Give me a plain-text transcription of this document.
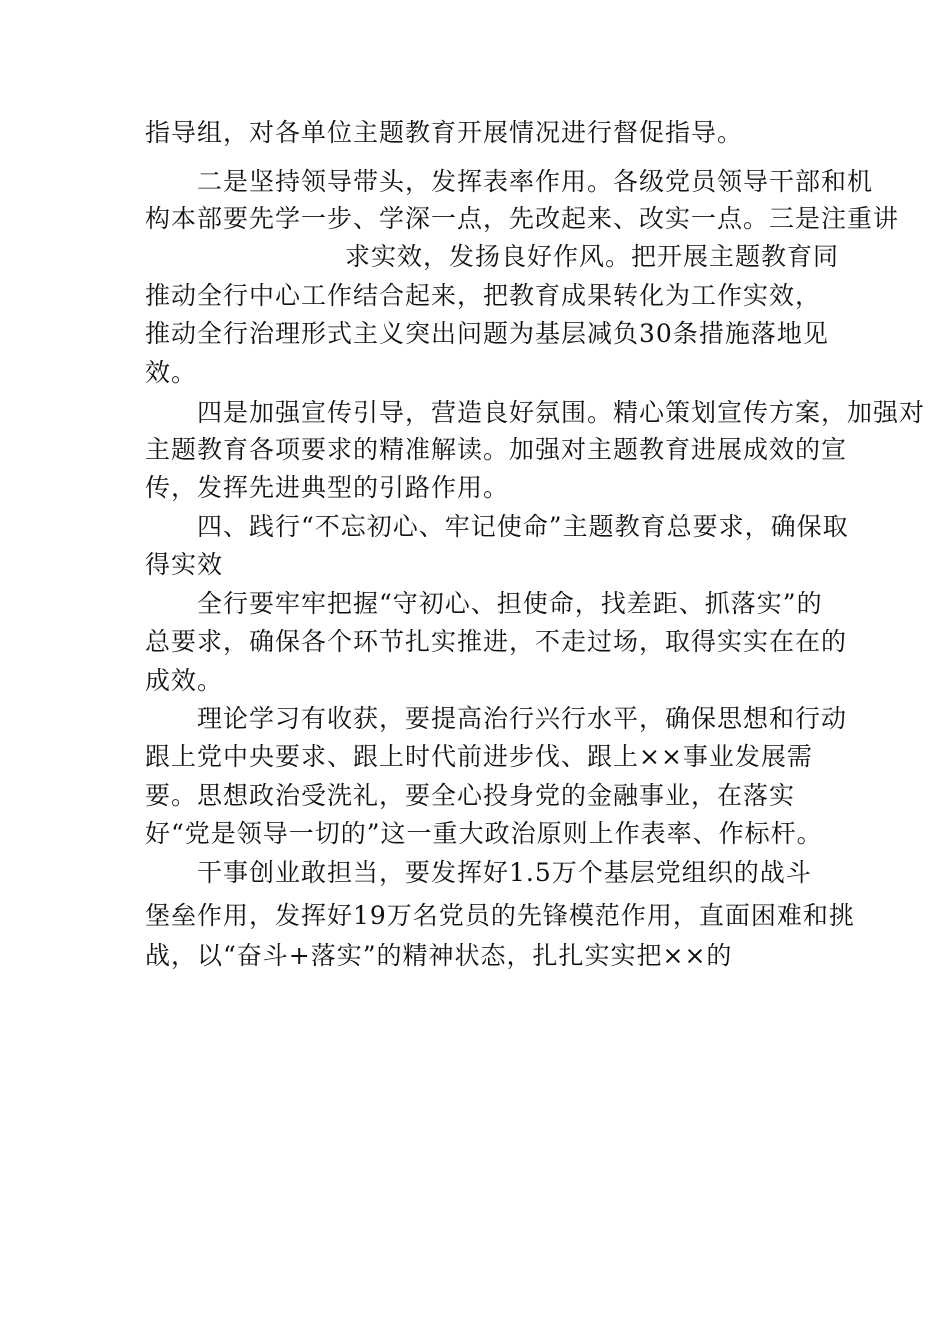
指导组，对各单位主题教育开展情况进行督促指导。
二是坚持领导带头，发挥表率作用。各级党员领导干部和机
构本部要先学一步、学深一点，先改起来、改实一点。三是注重讲
求实效，发扬良好作风。把开展主题教育同
推动全行中心工作结合起来，把教育成果转化为工作实效，
推动全行治理形式主义突出问题为基层减负30条措施落地见
效。
四是加强宣传引导，营造良好氛围。精心策划宣传方案，加强对
主题教育各项要求的精准解读。加强对主题教育进展成效的宣
传，发挥先进典型的引路作用。
四、践行“不忘初心、牢记使命”主题教育总要求，确保取
得实效
全行要牢牢把握“守初心、担使命，找差距、抓落实”的
总要求，确保各个环节扎实推进，不走过场，取得实实在在的
成效。
理论学习有收获，要提高治行兴行水平，确保思想和行动
跟上党中央要求、跟上时代前进步伐、跟上××事业发展需
要。思想政治受洗礼，要全心投身党的金融事业，在落实
好“党是领导一切的”这一重大政治原则上作表率、作标杆。
干事创业敢担当，要发挥好1.5万个基层党组织的战斗
堡垒作用，发挥好19万名党员的先锋模范作用，直面困难和挑
战，以“奋斗+落实”的精神状态，扎扎实实把××的
